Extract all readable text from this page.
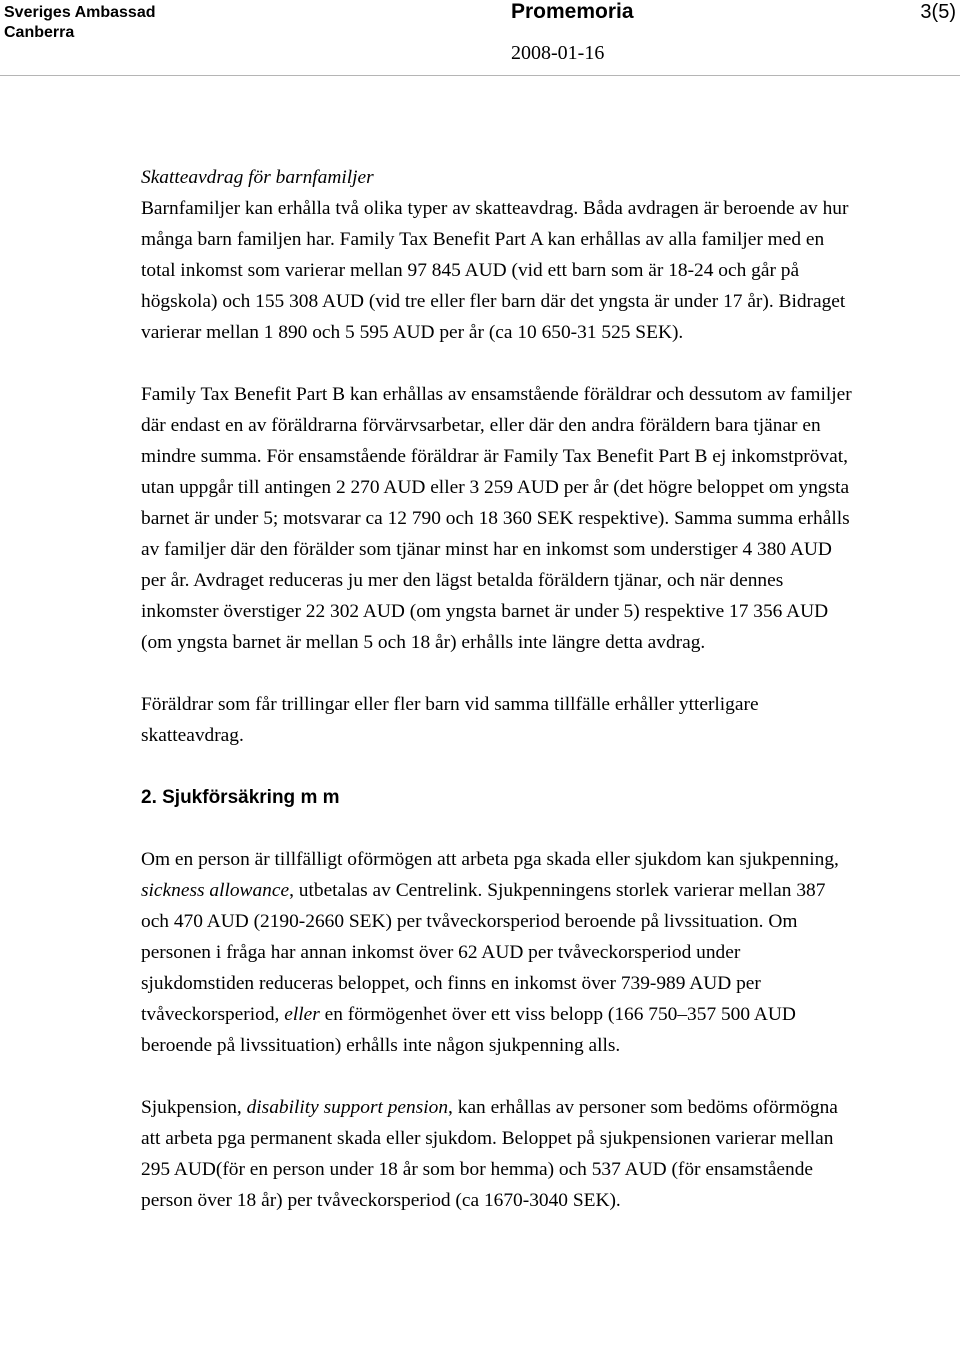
Sveriges Ambassad
Canberra
Promemoria
2008-01-16
3(5)

Skatteavdrag för barnfamiljer

Barnfamiljer kan erhålla två olika typer av skatteavdrag. Båda avdragen är beroende av hur många barn familjen har. Family Tax Benefit Part A kan erhållas av alla familjer med en total inkomst som varierar mellan 97 845 AUD (vid ett barn som är 18-24 och går på högskola) och 155 308 AUD (vid tre eller fler barn där det yngsta är under 17 år). Bidraget varierar mellan 1 890 och 5 595 AUD per år (ca 10 650-31 525 SEK).

Family Tax Benefit Part B kan erhållas av ensamstående föräldrar och dessutom av familjer där endast en av föräldrarna förvärvsarbetar, eller där den andra föräldern bara tjänar en mindre summa. För ensamstående föräldrar är Family Tax Benefit Part B ej inkomstprövat, utan uppgår till antingen 2 270 AUD eller 3 259 AUD per år (det högre beloppet om yngsta barnet är under 5; motsvarar ca 12 790 och 18 360 SEK respektive). Samma summa erhålls av familjer där den förälder som tjänar minst har en inkomst som understiger 4 380 AUD per år. Avdraget reduceras ju mer den lägst betalda föräldern tjänar, och när dennes inkomster överstiger 22 302 AUD (om yngsta barnet är under 5) respektive 17 356 AUD (om yngsta barnet är mellan 5 och 18 år) erhålls inte längre detta avdrag.

Föräldrar som får trillingar eller fler barn vid samma tillfälle erhåller ytterligare skatteavdrag.

2. Sjukförsäkring m m

Om en person är tillfälligt oförmögen att arbeta pga skada eller sjukdom kan sjukpenning, sickness allowance, utbetalas av Centrelink. Sjukpenningens storlek varierar mellan 387 och 470 AUD (2190-2660 SEK) per tvåveckorsperiod beroende på livssituation. Om personen i fråga har annan inkomst över 62 AUD per tvåveckorsperiod under sjukdomstiden reduceras beloppet, och finns en inkomst över 739-989 AUD per tvåveckorsperiod, eller en förmögenhet över ett viss belopp (166 750–357 500 AUD beroende på livssituation) erhålls inte någon sjukpenning alls.

Sjukpension, disability support pension, kan erhållas av personer som bedöms oförmögna att arbeta pga permanent skada eller sjukdom. Beloppet på sjukpensionen varierar mellan 295 AUD(för en person under 18 år som bor hemma) och 537 AUD (för ensamstående person över 18 år) per tvåveckorsperiod (ca 1670-3040 SEK).
